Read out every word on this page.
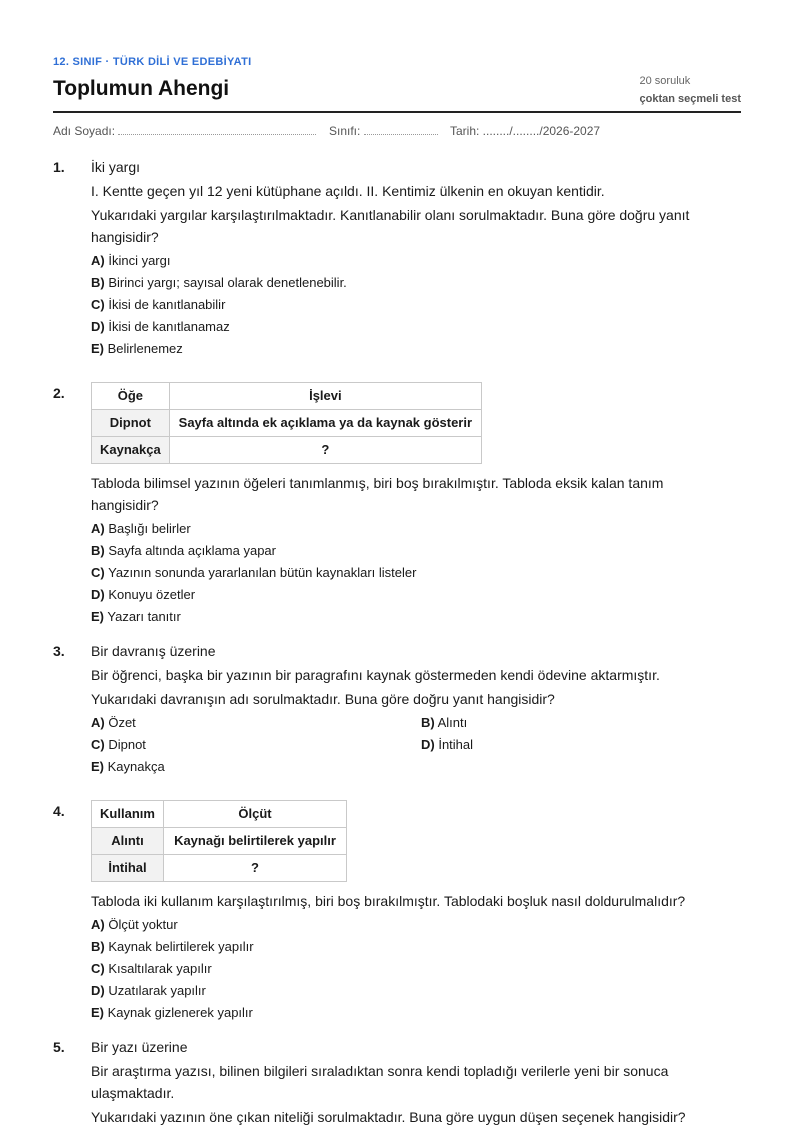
12. SINIF · TÜRK DİLİ VE EDEBİYATI
Toplumun Ahengi	20 soruluk
çoktan seçmeli test
Adı Soyadı:	Sınıfı:	Tarih: ......../......../2026-2027
1.	İki yargı

I. Kentte geçen yıl 12 yeni kütüphane açıldı. II. Kentimiz ülkenin en okuyan kentidir.

Yukarıdaki yargılar karşılaştırılmaktadır. Kanıtlanabilir olanı sorulmaktadır. Buna göre doğru yanıt hangisidir?

A) İkinci yargı
B) Birinci yargı; sayısal olarak denetlenebilir.
C) İkisi de kanıtlanabilir
D) İkisi de kanıtlanamaz
E) Belirlenemez
2.	Öğe	İşlevi
Dipnot	Sayfa altında ek açıklama ya da kaynak gösterir
Kaynakça	?

Tabloda bilimsel yazının öğeleri tanımlanmış, biri boş bırakılmıştır. Tabloda eksik kalan tanım hangisidir?

A) Başlığı belirler
B) Sayfa altında açıklama yapar
C) Yazının sonunda yararlanılan bütün kaynakları listeler
D) Konuyu özetler
E) Yazarı tanıtır
3.	Bir davranış üzerine

Bir öğrenci, başka bir yazının bir paragrafını kaynak göstermeden kendi ödevine aktarmıştır.

Yukarıdaki davranışın adı sorulmaktadır. Buna göre doğru yanıt hangisidir?

A) Özet	B) Alıntı
C) Dipnot	D) İntihal
E) Kaynakça
Kullanım	Ölçüt
Alıntı	Kaynağı belirtilerek yapılır
İntihal	?

Tabloda iki kullanım karşılaştırılmış, biri boş bırakılmıştır. Tablodaki boşluk nasıl doldurulmalıdır?

A) Ölçüt yoktur
B) Kaynak belirtilerek yapılır
C) Kısaltılarak yapılır
D) Uzatılarak yapılır
E) Kaynak gizlenerek yapılır
4.
5.	Bir yazı üzerine

Bir araştırma yazısı, bilinen bilgileri sıraladıktan sonra kendi topladığı verilerle yeni bir sonuca ulaşmaktadır.

Yukarıdaki yazının öne çıkan niteliği sorulmaktadır. Buna göre uygun düşen seçenek hangisidir?
